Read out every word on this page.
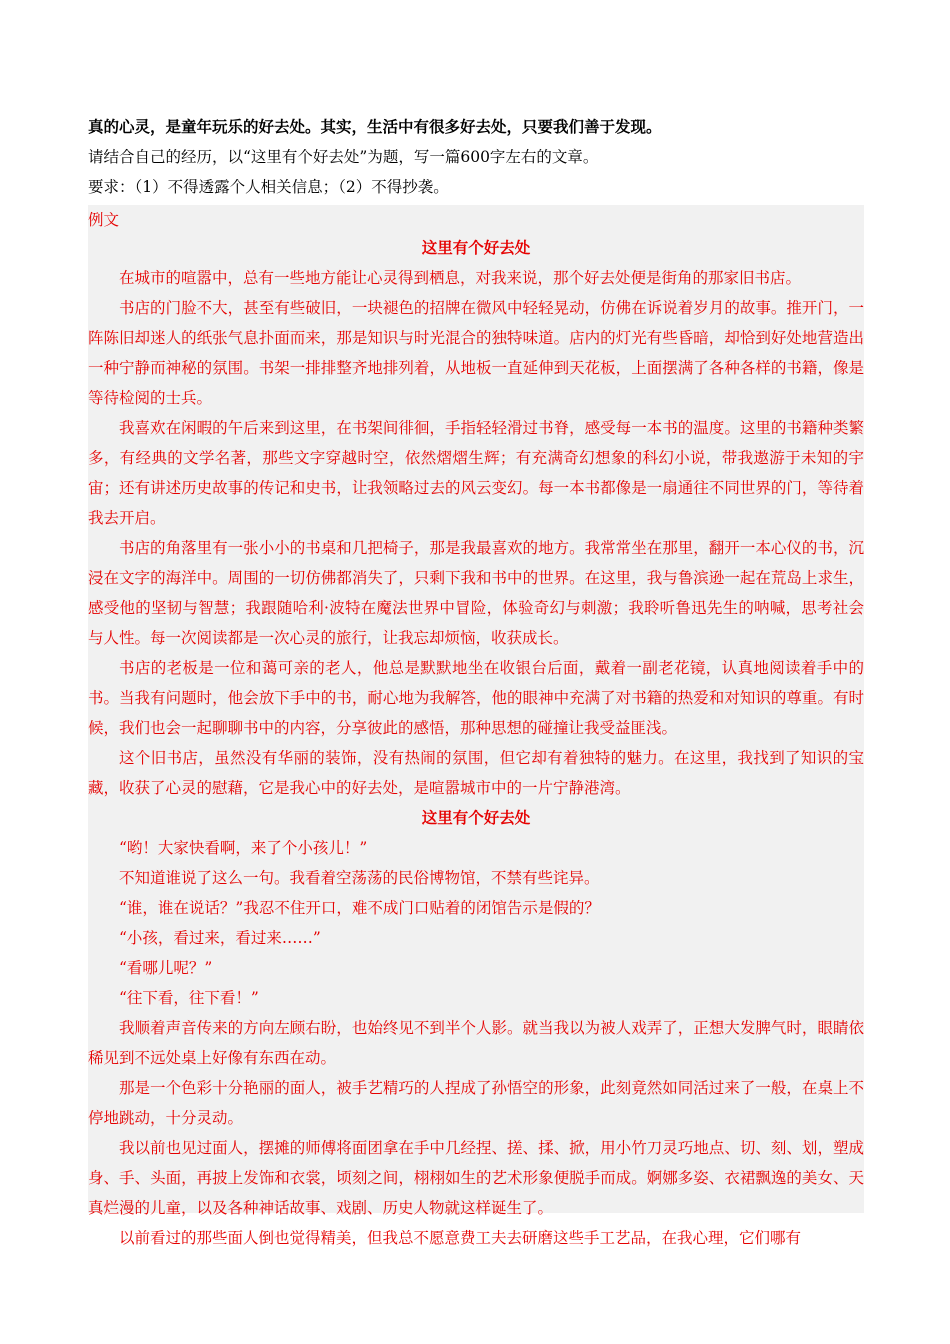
真的心灵，是童年玩乐的好去处。其实，生活中有很多好去处，只要我们善于发现。

请结合自己的经历，以“这里有个好去处”为题，写一篇600字左右的文章。

要求：（1）不得透露个人相关信息；（2）不得抄袭。

例文

这里有个好去处

在城市的喧嚣中，总有一些地方能让心灵得到栖息，对我来说，那个好去处便是街角的那家旧书店。

书店的门脸不大，甚至有些破旧，一块褪色的招牌在微风中轻轻晃动，仿佛在诉说着岁月的故事。推开门，一阵陈旧却迷人的纸张气息扑面而来，那是知识与时光混合的独特味道。店内的灯光有些昏暗，却恰到好处地营造出一种宁静而神秘的氛围。书架一排排整齐地排列着，从地板一直延伸到天花板，上面摆满了各种各样的书籍，像是等待检阅的士兵。

我喜欢在闲暇的午后来到这里，在书架间徘徊，手指轻轻滑过书脊，感受每一本书的温度。这里的书籍种类繁多，有经典的文学名著，那些文字穿越时空，依然熠熠生辉；有充满奇幻想象的科幻小说，带我遨游于未知的宇宙；还有讲述历史故事的传记和史书，让我领略过去的风云变幻。每一本书都像是一扇通往不同世界的门，等待着我去开启。

书店的角落里有一张小小的书桌和几把椅子，那是我最喜欢的地方。我常常坐在那里，翻开一本心仪的书，沉浸在文字的海洋中。周围的一切仿佛都消失了，只剩下我和书中的世界。在这里，我与鲁滨逊一起在荒岛上求生，感受他的坚韧与智慧；我跟随哈利·波特在魔法世界中冒险，体验奇幻与刺激；我聆听鲁迅先生的呐喊，思考社会与人性。每一次阅读都是一次心灵的旅行，让我忘却烦恼，收获成长。

书店的老板是一位和蔼可亲的老人，他总是默默地坐在收银台后面，戴着一副老花镜，认真地阅读着手中的书。当我有问题时，他会放下手中的书，耐心地为我解答，他的眼神中充满了对书籍的热爱和对知识的尊重。有时候，我们也会一起聊聊书中的内容，分享彼此的感悟，那种思想的碰撞让我受益匪浅。

这个旧书店，虽然没有华丽的装饰，没有热闹的氛围，但它却有着独特的魅力。在这里，我找到了知识的宝藏，收获了心灵的慰藉，它是我心中的好去处，是喧嚣城市中的一片宁静港湾。

这里有个好去处

“哟！大家快看啊，来了个小孩儿！”

不知道谁说了这么一句。我看着空荡荡的民俗博物馆，不禁有些诧异。

“谁，谁在说话？”我忍不住开口，难不成门口贴着的闭馆告示是假的？

“小孩，看过来，看过来……”

“看哪儿呢？”

“往下看，往下看！”

我顺着声音传来的方向左顾右盼，也始终见不到半个人影。就当我以为被人戏弄了，正想大发脾气时，眼睛依稀见到不远处桌上好像有东西在动。

那是一个色彩十分艳丽的面人，被手艺精巧的人捏成了孙悟空的形象，此刻竟然如同活过来了一般，在桌上不停地跳动，十分灵动。

我以前也见过面人，摆摊的师傅将面团拿在手中几经捏、搓、揉、掀，用小竹刀灵巧地点、切、刻、划，塑成身、手、头面，再披上发饰和衣裳，顷刻之间，栩栩如生的艺术形象便脱手而成。婀娜多姿、衣裙飘逸的美女、天真烂漫的儿童，以及各种神话故事、戏剧、历史人物就这样诞生了。

以前看过的那些面人倒也觉得精美，但我总不愿意费工夫去研磨这些手工艺品，在我心理，它们哪有
